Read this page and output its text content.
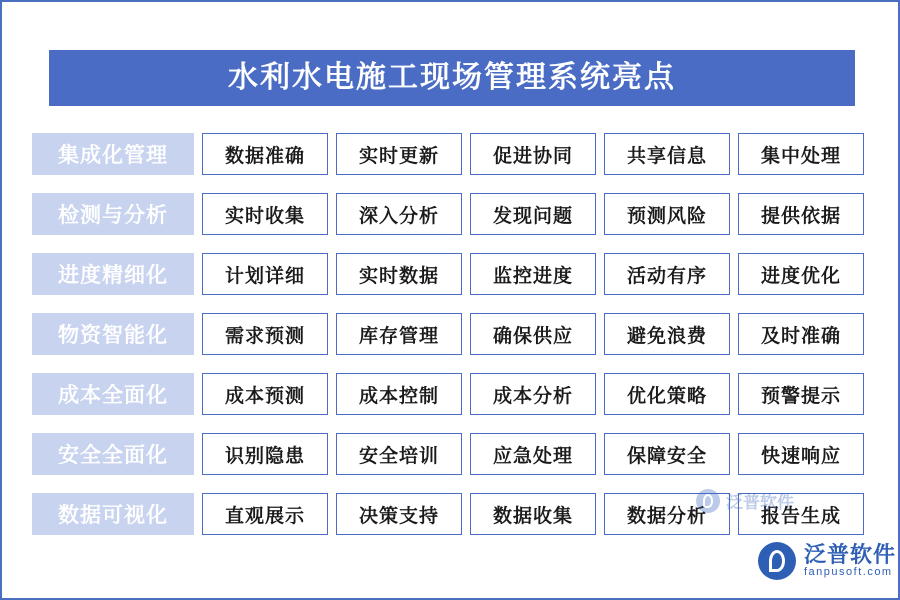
水利水电施工现场管理系统亮点
集成化管理	数据准确	实时更新	促进协同	共享信息	集中处理
检测与分析	实时收集	深入分析	发现问题	预测风险	提供依据
进度精细化	计划详细	实时数据	监控进度	活动有序	进度优化
物资智能化	需求预测	库存管理	确保供应	避免浪费	及时准确
成本全面化	成本预测	成本控制	成本分析	优化策略	预警提示
安全全面化	识别隐患	安全培训	应急处理	保障安全	快速响应
数据可视化	直观展示	决策支持	数据收集	数据分析	报告生成
泛普软件
泛普软件
fanpusoft.com
